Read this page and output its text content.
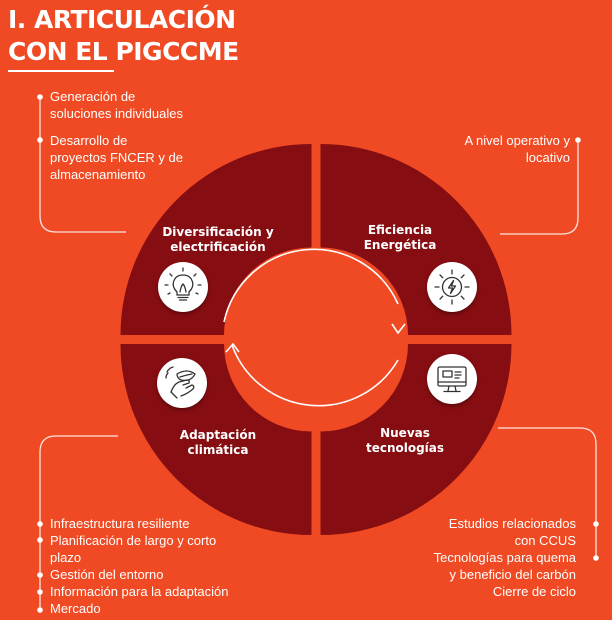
I. ARTICULACIÓN
CON EL PIGCCME
Diversificación y
electrificación
Eficiencia
Energética
Adaptación
climática
Nuevas
tecnologías
Generación de
soluciones individuales
Desarrollo de
proyectos FNCER y de
almacenamiento
A nivel operativo y
locativo
Estudios relacionados
con CCUS
Tecnologías para quema
y beneficio del carbón
Cierre de ciclo
Infraestructura resiliente
Planificación de largo y corto
plazo
Gestión del entorno
Información para la adaptación
Mercado
